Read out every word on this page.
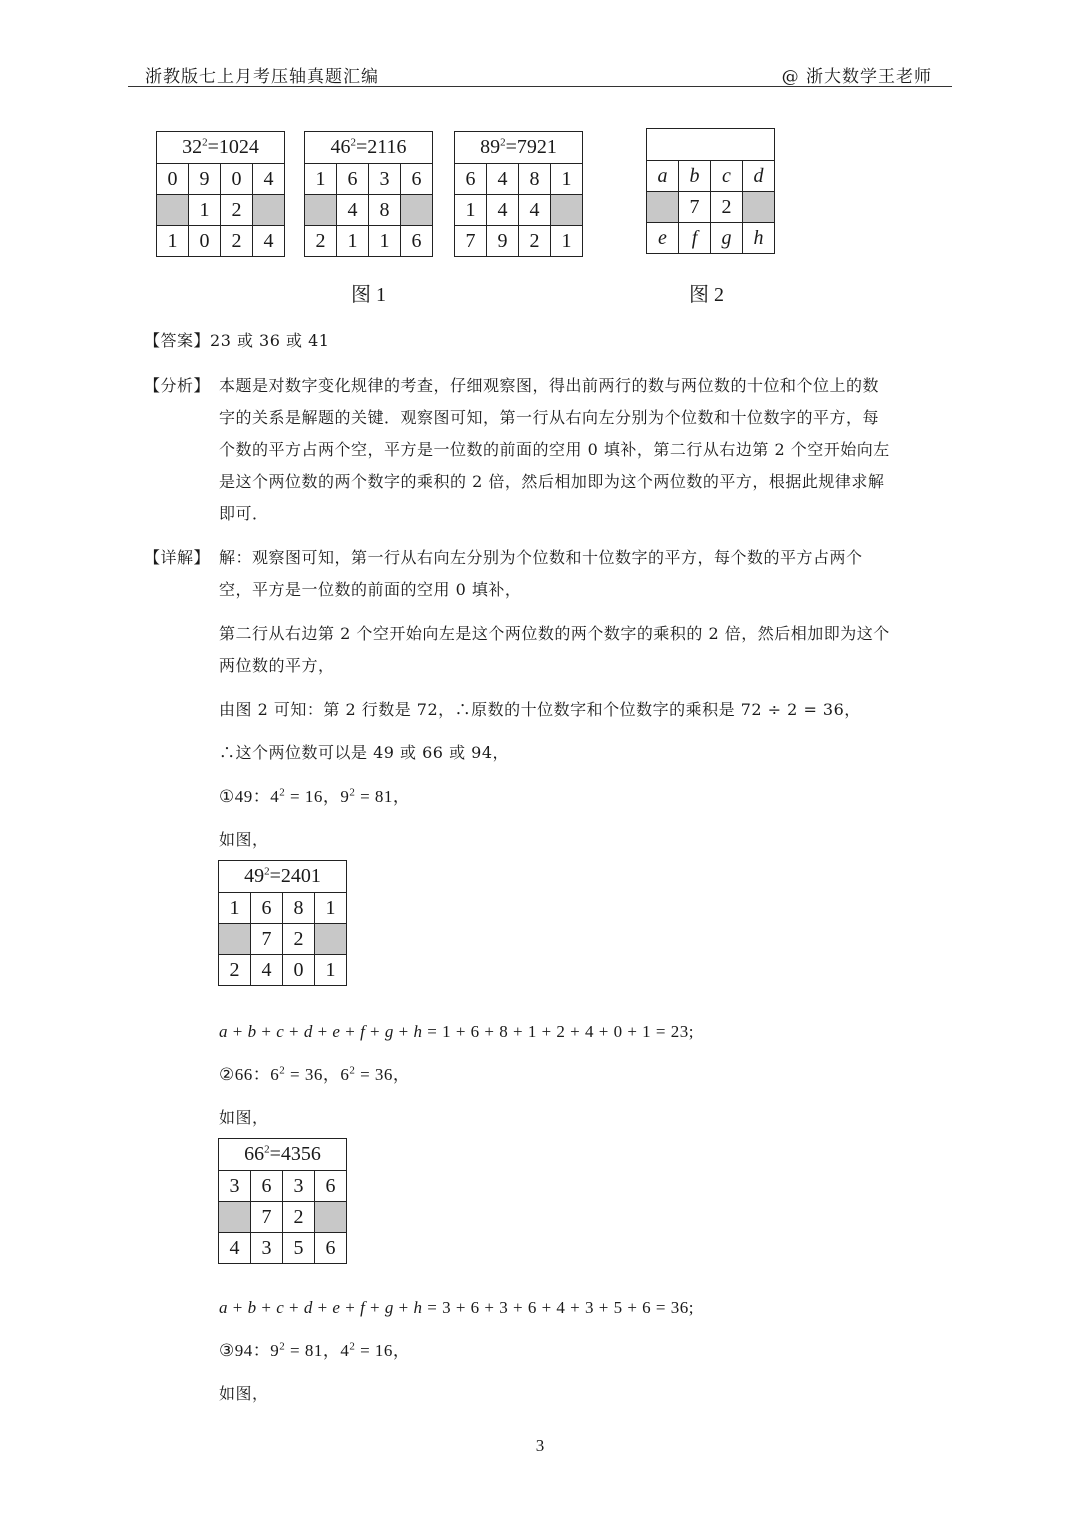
浙教版七上月考压轴真题汇编	@ 浙大数学王老师
$32^2=1024$			
0	9	0	4
	1	2	
1	0	2	4
$46^2=2116$			
1	6	3	6
	4	8	
2	1	1	6
$89^2=7921$			
6	4	8	1
1	4	4	
7	9	2	1

a	b	c	d
	7	2	
e	f	g	h
图 1	图 2
【答案】23 或 36 或 41
【分析】 本题是对数字变化规律的考查，仔细观察图，得出前两行的数与两位数的十位和个位上的数
字的关系是解题的关键．观察图可知，第一行从右向左分别为个位数和十位数字的平方，每
个数的平方占两个空，平方是一位数的前面的空用 0 填补，第二行从右边第 2 个空开始向左
是这个两位数的两个数字的乘积的 2 倍，然后相加即为这个两位数的平方，根据此规律求解
即可．
【详解】 解：观察图可知，第一行从右向左分别为个位数和十位数字的平方，每个数的平方占两个
空，平方是一位数的前面的空用 0 填补，
第二行从右边第 2 个空开始向左是这个两位数的两个数字的乘积的 2 倍，然后相加即为这个
两位数的平方，
由图 2 可知：第 2 行数是 72，∴原数的十位数字和个位数字的乘积是 72 ÷ 2 = 36，
∴这个两位数可以是 49 或 66 或 94，
①49：$4^2 = 16$，$9^2 = 81$，
如图，
$49^2=2401$			
1	6	8	1
	7	2	
2	4	0	1
a + b + c + d + e + f + g + h = 1 + 6 + 8 + 1 + 2 + 4 + 0 + 1 = 23;
②66：$6^2 = 36$，$6^2 = 36$，
如图，
$66^2=4356$			
3	6	3	6
	7	2	
4	3	5	6
a + b + c + d + e + f + g + h = 3 + 6 + 3 + 6 + 4 + 3 + 5 + 6 = 36;
③94：$9^2 = 81$，$4^2 = 16$，
如图，
3
